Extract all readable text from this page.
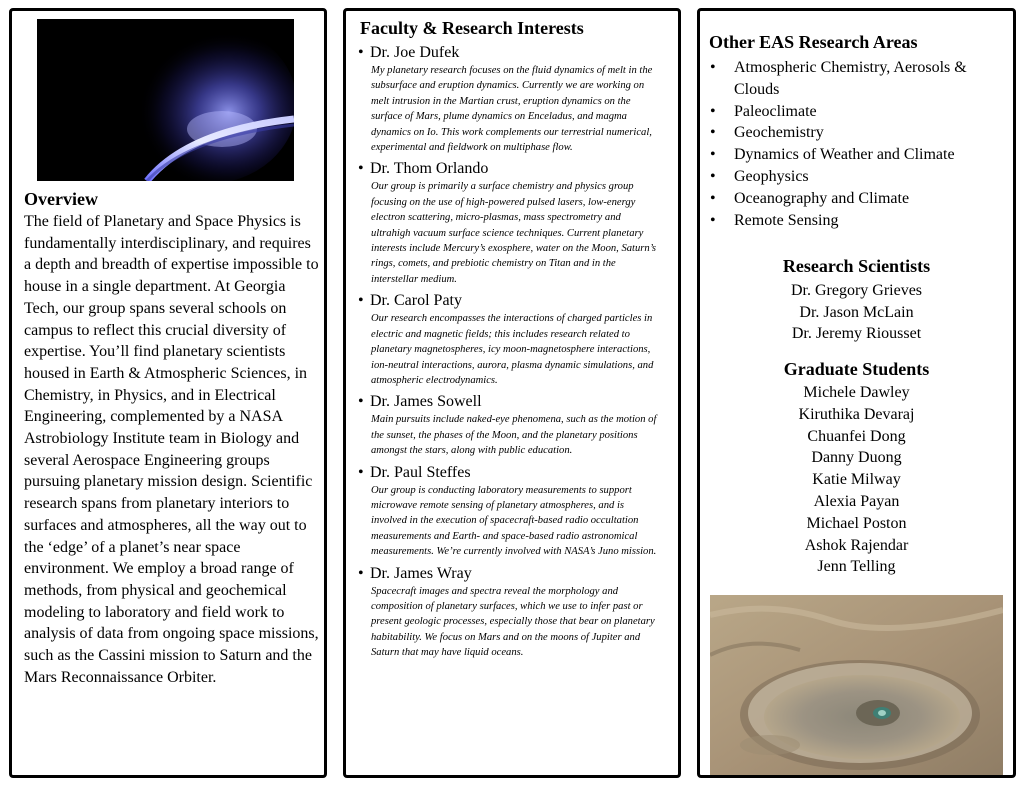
Overview
The field of Planetary and Space Physics is fundamentally interdisciplinary, and requires a depth and breadth of expertise impossible to house in a single department. At Georgia Tech, our group spans several schools on campus to reflect this crucial diversity of expertise. You’ll find planetary scientists housed in Earth & Atmospheric Sciences, in Chemistry, in Physics, and in Electrical Engineering, complemented by a NASA Astrobiology Institute team in Biology and several Aerospace Engineering groups pursuing planetary mission design. Scientific research spans from planetary interiors to surfaces and atmospheres, all the way out to the ‘edge’ of a planet’s near space environment. We employ a broad range of methods, from physical and geochemical modeling to laboratory and field work to analysis of data from ongoing space missions, such as the Cassini mission to Saturn and the Mars Reconnaissance Orbiter.
Faculty & Research Interests
• Dr. Joe Dufek
My planetary research focuses on the fluid dynamics of melt in the subsurface and eruption dynamics. Currently we are working on melt intrusion in the Martian crust, eruption dynamics on the surface of Mars, plume dynamics on Enceladus, and magma dynamics on Io. This work complements our terrestrial numerical, experimental and fieldwork on multiphase flow.
• Dr. Thom Orlando
Our group is primarily a surface chemistry and physics group focusing on the use of high-powered pulsed lasers, low-energy electron scattering, micro-plasmas, mass spectrometry and ultrahigh vacuum surface science techniques. Current planetary interests include Mercury’s exosphere, water on the Moon, Saturn’s rings, comets, and prebiotic chemistry on Titan and in the interstellar medium.
• Dr. Carol Paty
Our research encompasses the interactions of charged particles in electric and magnetic fields; this includes research related to planetary magnetospheres, icy moon-magnetosphere interactions, ion-neutral interactions, aurora, plasma dynamic simulations, and atmospheric electrodynamics.
• Dr. James Sowell
Main pursuits include naked-eye phenomena, such as the motion of the sunset, the phases of the Moon, and the planetary positions amongst the stars, along with public education.
• Dr. Paul Steffes
Our group is conducting laboratory measurements to support microwave remote sensing of planetary atmospheres, and is involved in the execution of spacecraft-based radio occultation measurements and Earth- and space-based radio astronomical measurements. We’re currently involved with NASA’s Juno mission.
• Dr. James Wray
Spacecraft images and spectra reveal the morphology and composition of planetary surfaces, which we use to infer past or present geologic processes, especially those that bear on planetary habitability. We focus on Mars and on the moons of Jupiter and Saturn that may have liquid oceans.
Other EAS Research Areas
•	Atmospheric Chemistry, Aerosols & Clouds
•	Paleoclimate
•	Geochemistry
•	Dynamics of Weather and Climate
•	Geophysics
•	Oceanography and Climate
•	Remote Sensing
Research Scientists
Dr. Gregory Grieves
Dr. Jason McLain
Dr. Jeremy Riousset
Graduate Students
Michele Dawley
Kiruthika Devaraj
Chuanfei Dong
Danny Duong
Katie Milway
Alexia Payan
Michael Poston
Ashok Rajendar
Jenn Telling
